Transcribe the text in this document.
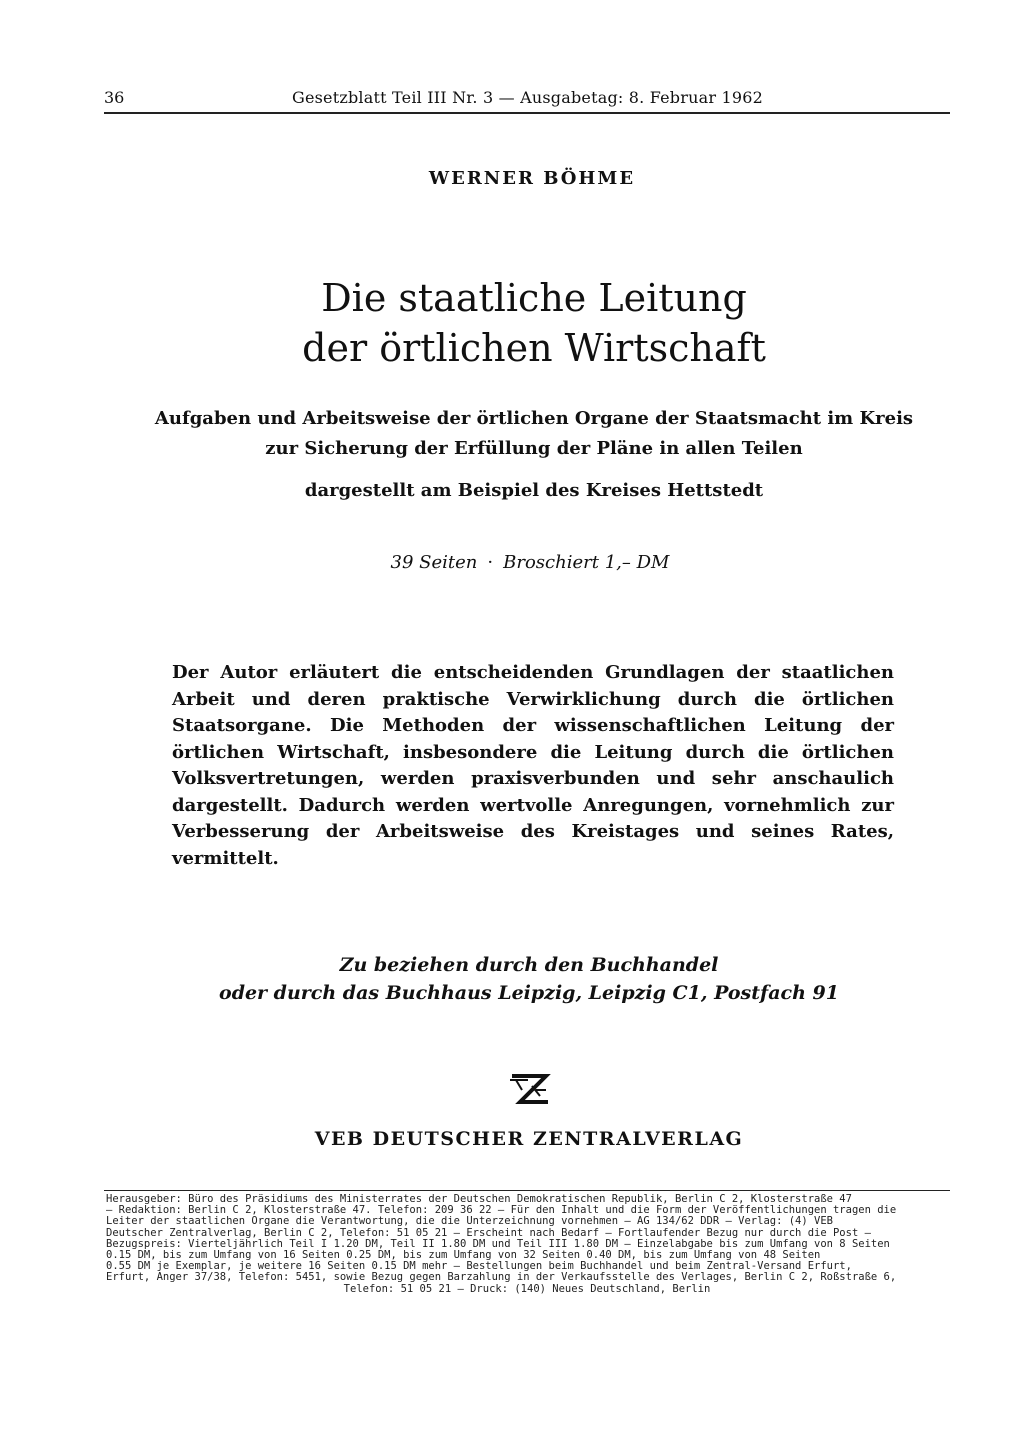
36	Gesetzblatt Teil III Nr. 3 — Ausgabetag: 8. Februar 1962
WERNER BÖHME
Die staatliche Leitung
der örtlichen Wirtschaft
Aufgaben und Arbeitsweise der örtlichen Organe der Staatsmacht im Kreis
zur Sicherung der Erfüllung der Pläne in allen Teilen
dargestellt am Beispiel des Kreises Hettstedt
39 Seiten · Broschiert 1,– DM
Der Autor erläutert die entscheidenden Grundlagen der staatlichen Arbeit und deren praktische Verwirklichung durch die örtlichen Staatsorgane. Die Methoden der wissenschaftlichen Leitung der örtlichen Wirtschaft, insbesondere die Leitung durch die örtlichen Volksvertretungen, werden praxisverbunden und sehr anschaulich dargestellt. Dadurch werden wertvolle Anregungen, vornehmlich zur Verbesserung der Arbeitsweise des Kreistages und seines Rates, vermittelt.
Zu beziehen durch den Buchhandel
oder durch das Buchhaus Leipzig, Leipzig C1, Postfach 91
VEB DEUTSCHER ZENTRALVERLAG
Herausgeber: Büro des Präsidiums des Ministerrates der Deutschen Demokratischen Republik, Berlin C 2, Klosterstraße 47
— Redaktion: Berlin C 2, Klosterstraße 47. Telefon: 209 36 22 — Für den Inhalt und die Form der Veröffentlichungen tragen die
Leiter der staatlichen Organe die Verantwortung, die die Unterzeichnung vornehmen — AG 134/62 DDR — Verlag: (4) VEB
Deutscher Zentralverlag, Berlin C 2, Telefon: 51 05 21 — Erscheint nach Bedarf — Fortlaufender Bezug nur durch die Post —
Bezugspreis: Vierteljährlich Teil I 1.20 DM, Teil II 1.80 DM und Teil III 1.80 DM — Einzelabgabe bis zum Umfang von 8 Seiten
0.15 DM, bis zum Umfang von 16 Seiten 0.25 DM, bis zum Umfang von 32 Seiten 0.40 DM, bis zum Umfang von 48 Seiten
0.55 DM je Exemplar, je weitere 16 Seiten 0.15 DM mehr — Bestellungen beim Buchhandel und beim Zentral-Versand Erfurt,
Erfurt, Anger 37/38, Telefon: 5451, sowie Bezug gegen Barzahlung in der Verkaufsstelle des Verlages, Berlin C 2, Roßstraße 6,
Telefon: 51 05 21 — Druck: (140) Neues Deutschland, Berlin
